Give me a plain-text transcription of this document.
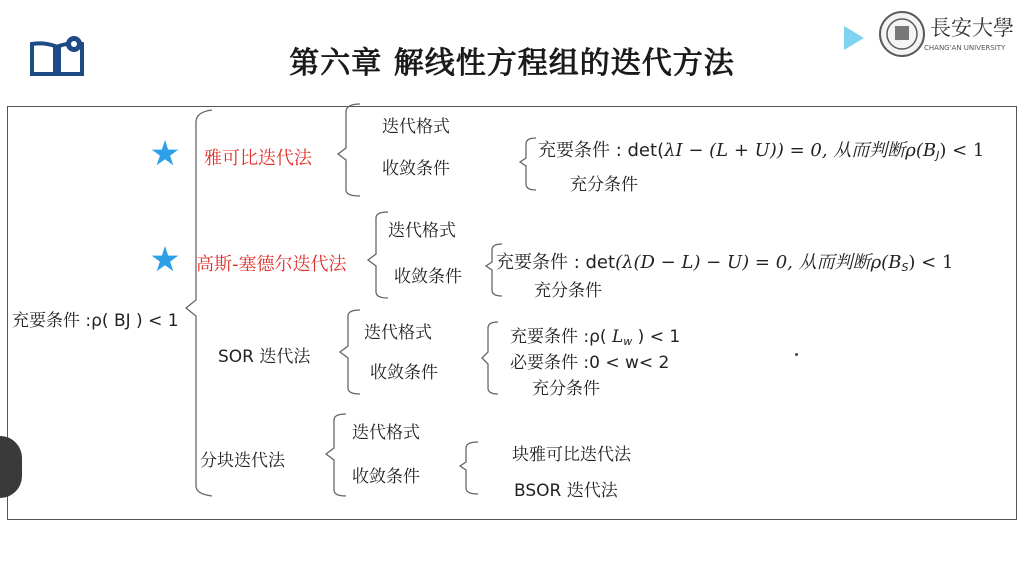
第六章 解线性方程组的迭代方法
長安大學
CHANG'AN UNIVERSITY
充要条件 :ρ( BJ ) < 1
雅可比迭代法
迭代格式
收敛条件
充要条件 : det(λI − (L + U)) = 0, 从而判断$\rho(B_J) < 1$
充分条件
高斯-塞德尔迭代法
迭代格式
收敛条件
充要条件 : det(λ(D − L) − U) = 0, 从而判断$\rho(B_S) < 1$
充分条件
SOR 迭代法
迭代格式
收敛条件
充要条件 :ρ( $L_w$ ) < 1
必要条件 :0 < w< 2
充分条件
分块迭代法
迭代格式
收敛条件
块雅可比迭代法
BSOR 迭代法
